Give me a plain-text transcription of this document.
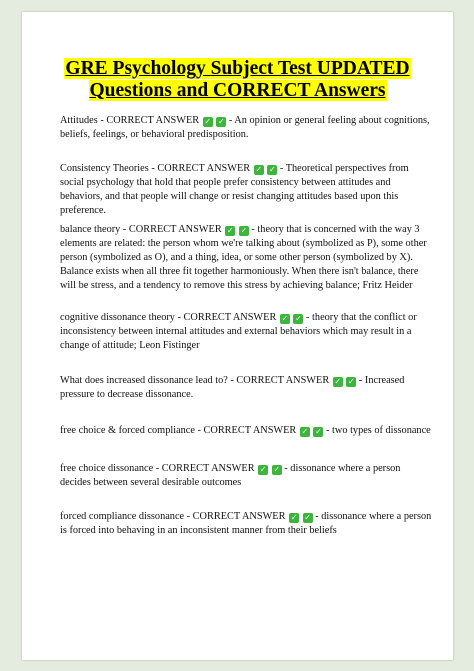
GRE Psychology Subject Test UPDATED Questions and CORRECT Answers
Attitudes - CORRECT ANSWER ✓ ✓ - An opinion or general feeling about cognitions, beliefs, feelings, or behavioral predisposition.
Consistency Theories - CORRECT ANSWER ✓ ✓ - Theoretical perspectives from social psychology that hold that people prefer consistency between attitudes and behaviors, and that people will change or resist changing attitudes based upon this preference.
balance theory - CORRECT ANSWER ✓ ✓ - theory that is concerned with the way 3 elements are related: the person whom we're talking about (symbolized as P), some other person (symbolized as O), and a thing, idea, or some other person (symbolized by X). Balance exists when all three fit together harmoniously. When there isn't balance, there will be stress, and a tendency to remove this stress by achieving balance; Fritz Heider
cognitive dissonance theory - CORRECT ANSWER ✓ ✓ - theory that the conflict or inconsistency between internal attitudes and external behaviors which may result in a change of attitude; Leon Fistinger
What does increased dissonance lead to? - CORRECT ANSWER ✓ ✓ - Increased pressure to decrease dissonance.
free choice & forced compliance - CORRECT ANSWER ✓ ✓ - two types of dissonance
free choice dissonance - CORRECT ANSWER ✓ ✓ - dissonance where a person decides between several desirable outcomes
forced compliance dissonance - CORRECT ANSWER ✓ ✓ - dissonance where a person is forced into behaving in an inconsistent manner from their beliefs
